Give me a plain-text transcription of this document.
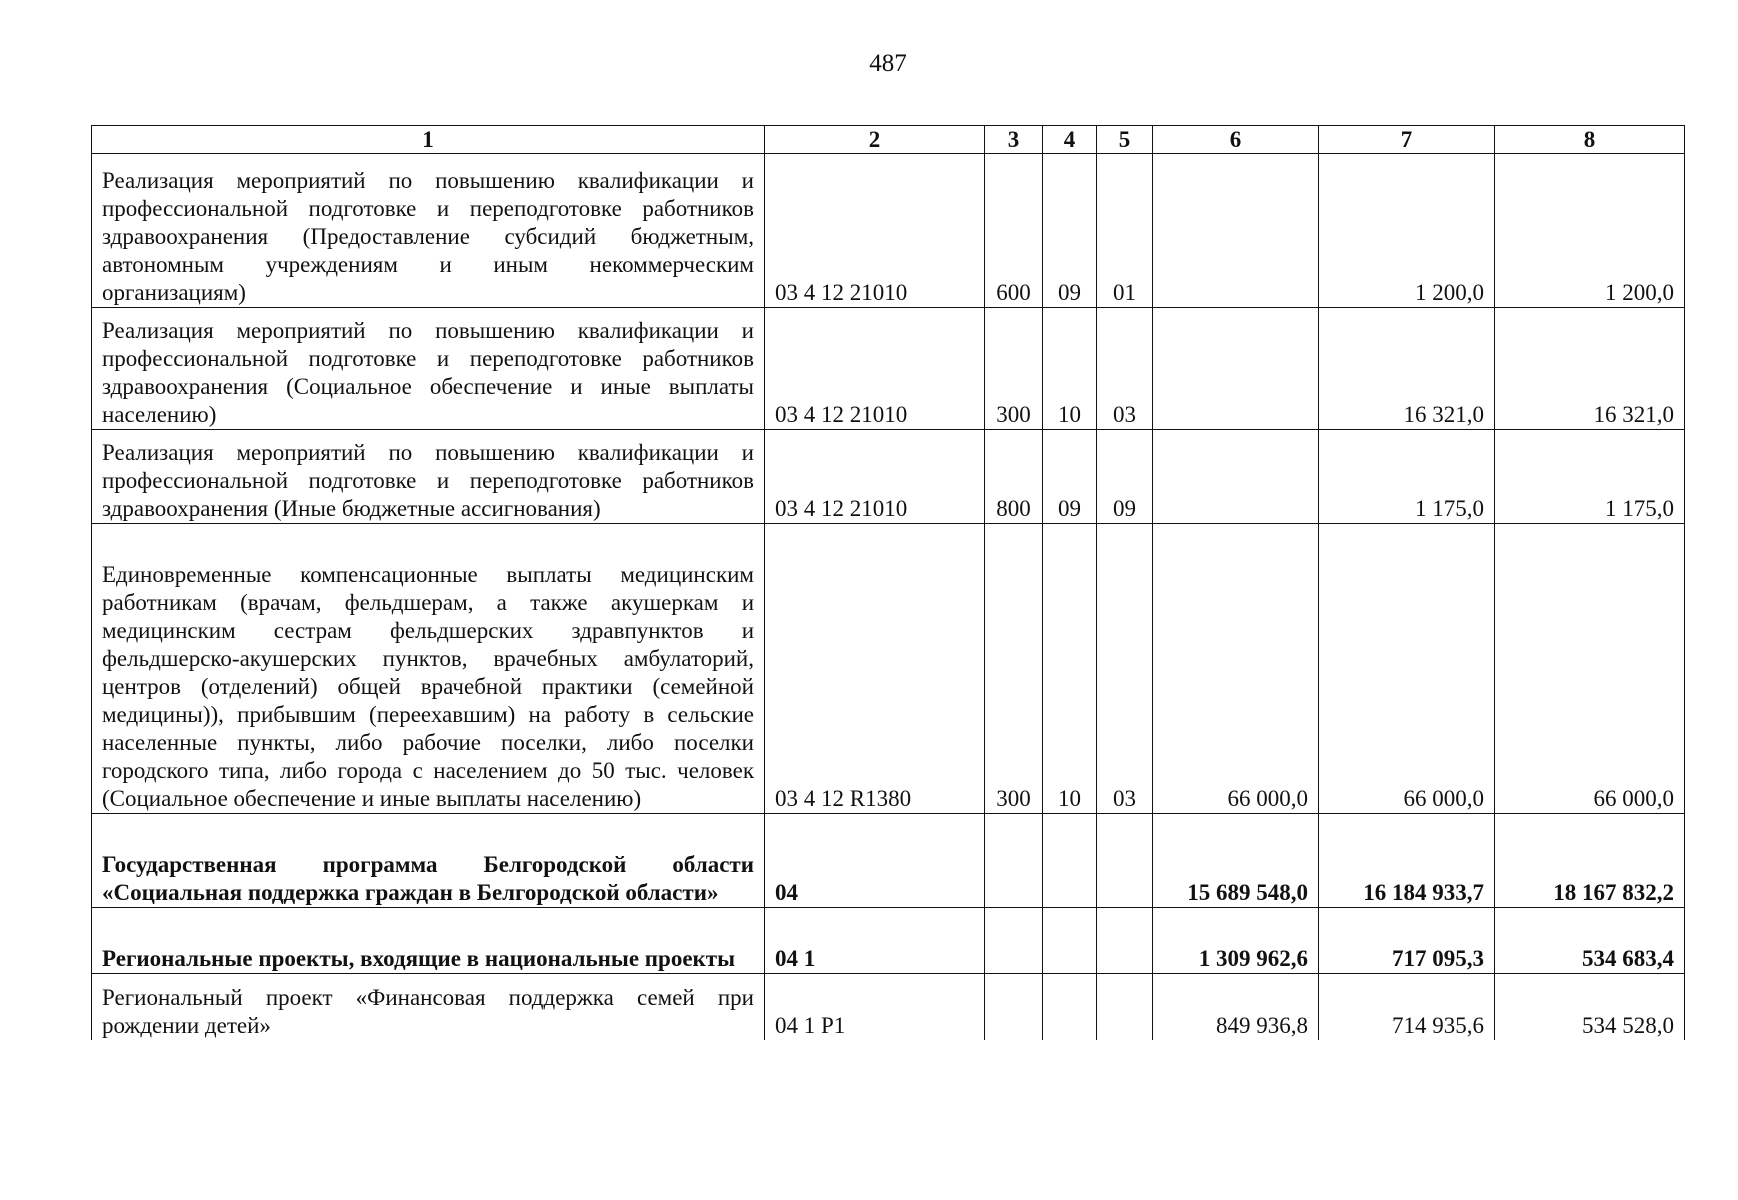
487
1	2	3	4	5	6	7	8
Реализация мероприятий по повышению квалификации и профессиональной подготовке и переподготовке работников здравоохранения (Предоставление субсидий бюджетным, автономным учреждениям и иным некоммерческим организациям)	03 4 12 21010	600	09	01		1 200,0	1 200,0
Реализация мероприятий по повышению квалификации и профессиональной подготовке и переподготовке работников здравоохранения (Социальное обеспечение и иные выплаты населению)	03 4 12 21010	300	10	03		16 321,0	16 321,0
Реализация мероприятий по повышению квалификации и профессиональной подготовке и переподготовке работников здравоохранения (Иные бюджетные ассигнования)	03 4 12 21010	800	09	09		1 175,0	1 175,0
Единовременные компенсационные выплаты медицинским работникам (врачам, фельдшерам, а также акушеркам и медицинским сестрам фельдшерских здравпунктов и фельдшерско-акушерских пунктов, врачебных амбулаторий, центров (отделений) общей врачебной практики (семейной медицины)), прибывшим (переехавшим) на работу в сельские населенные пункты, либо рабочие поселки, либо поселки городского типа, либо города с населением до 50 тыс. человек (Социальное обеспечение и иные выплаты населению)	03 4 12 R1380	300	10	03	66 000,0	66 000,0	66 000,0
Государственная программа Белгородской области «Социальная поддержка граждан в Белгородской области»	04				15 689 548,0	16 184 933,7	18 167 832,2
Региональные проекты, входящие в национальные проекты	04 1				1 309 962,6	717 095,3	534 683,4
Региональный проект «Финансовая поддержка семей при рождении детей»	04 1 P1				849 936,8	714 935,6	534 528,0
